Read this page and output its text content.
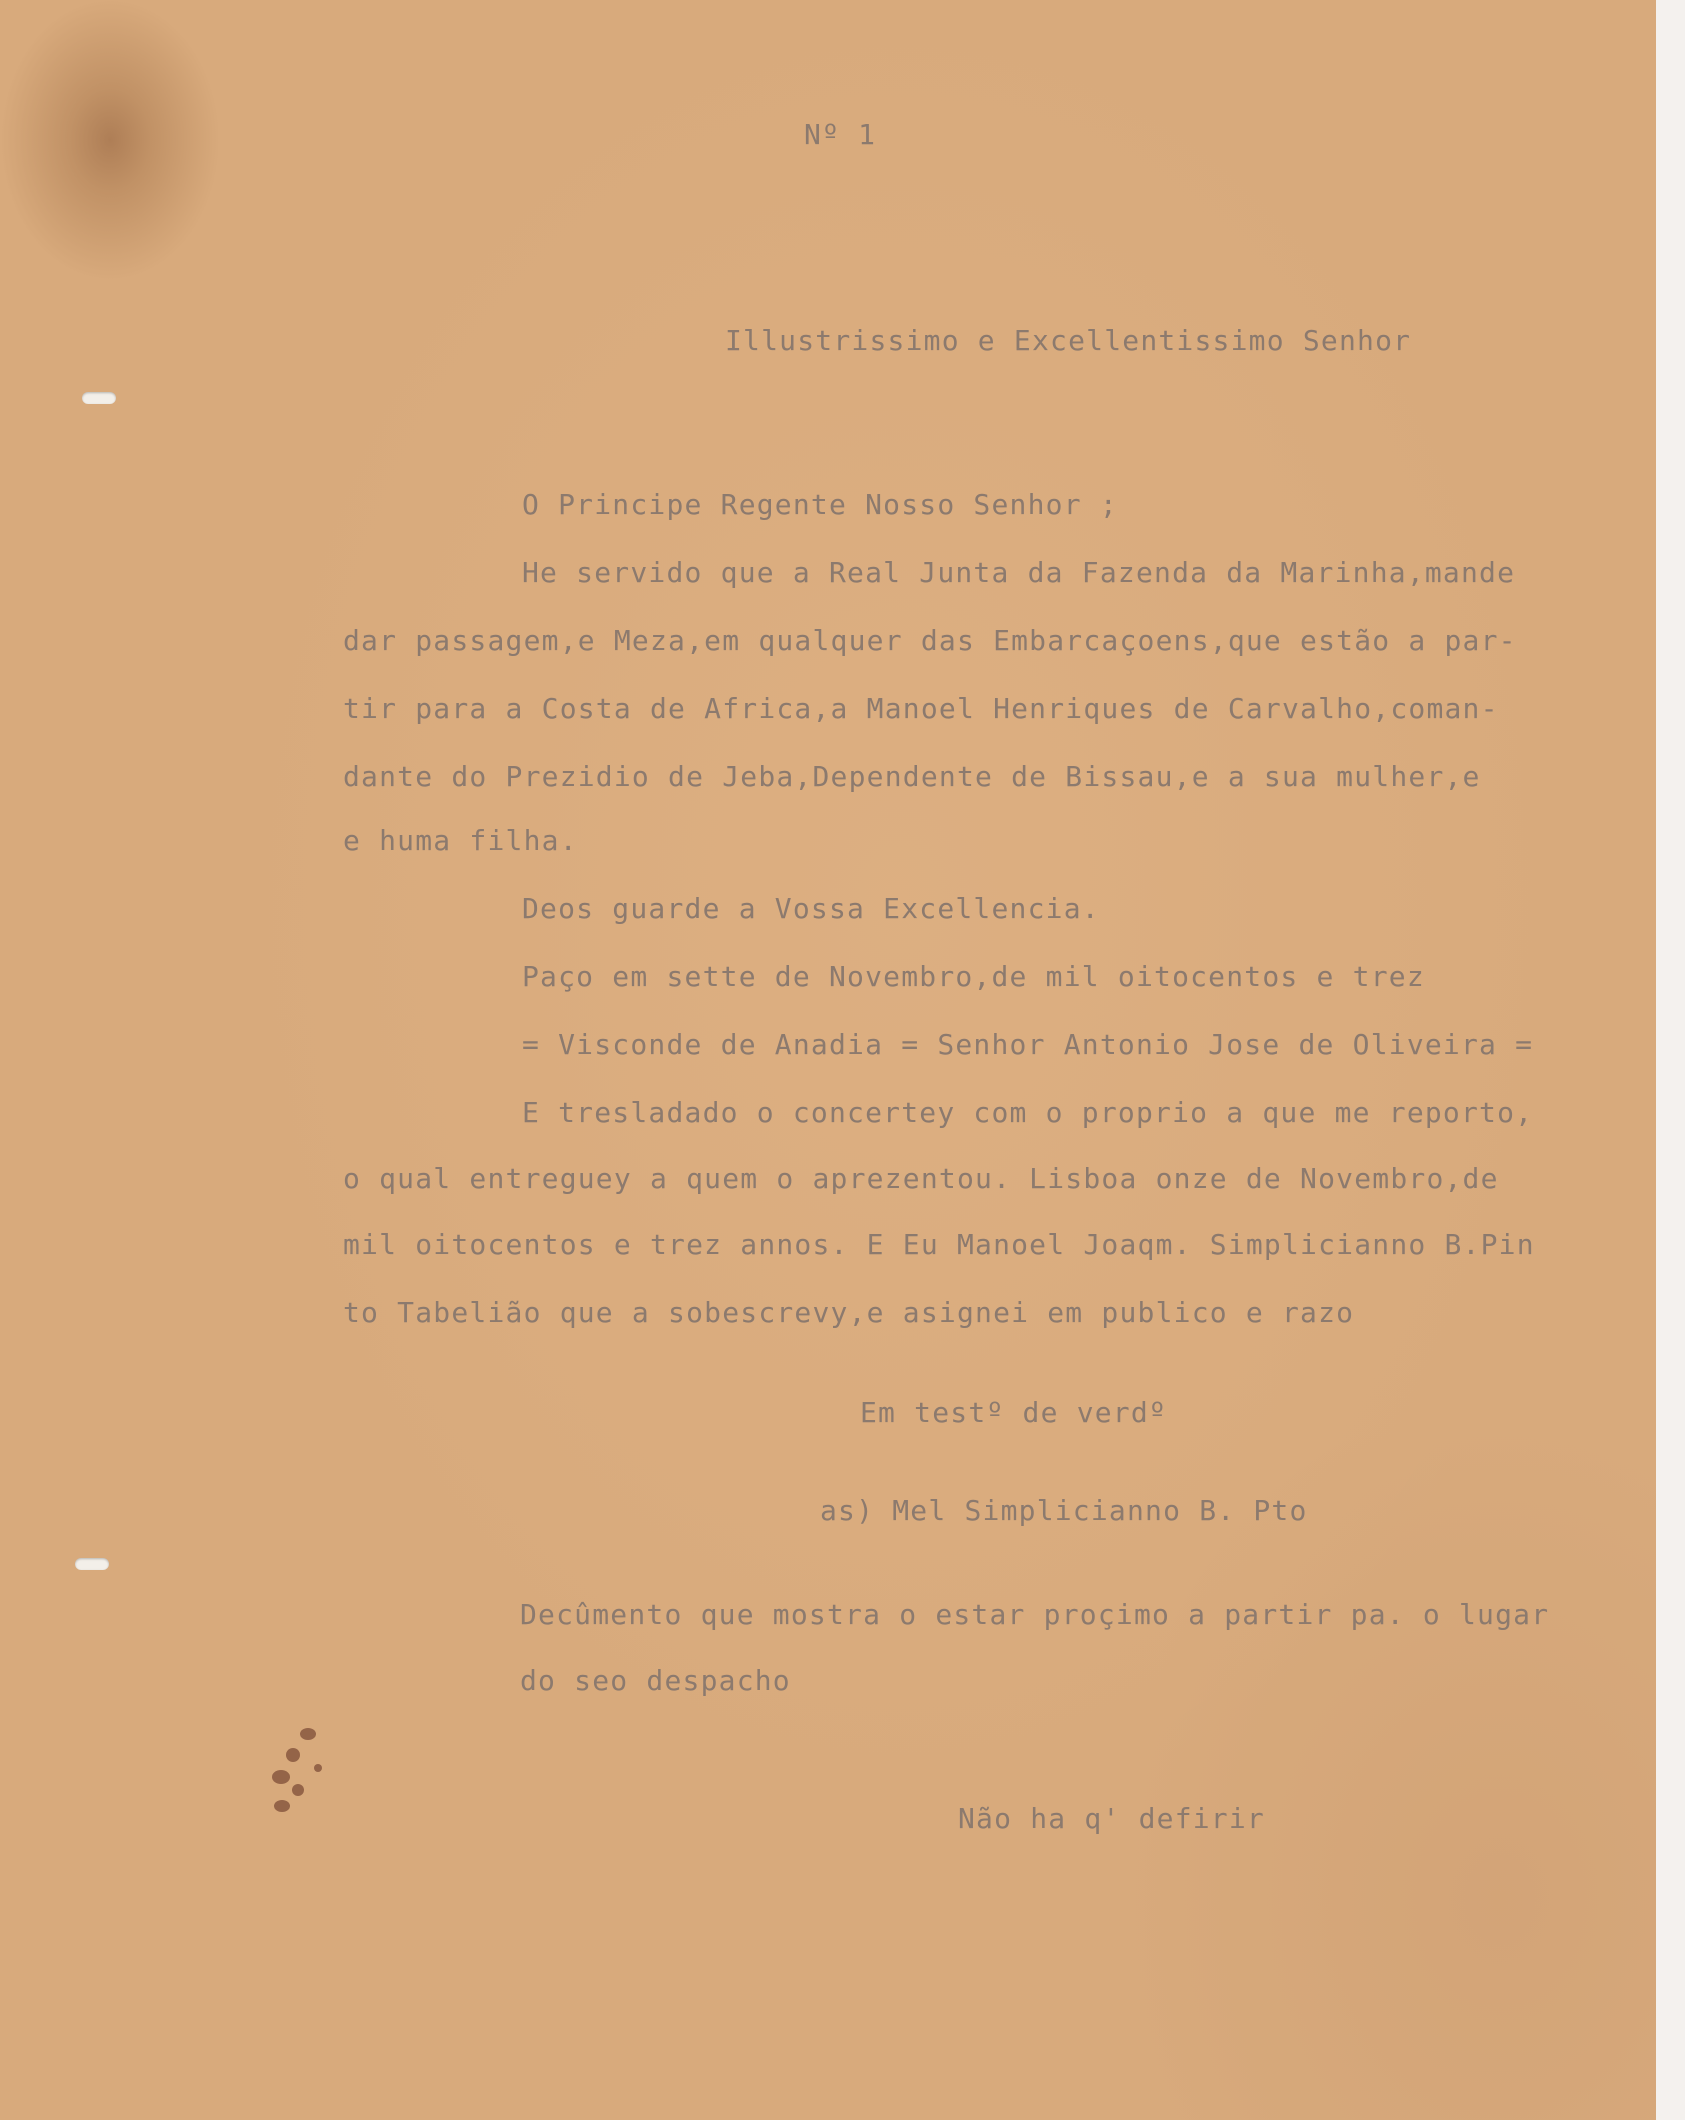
Nº 1
Illustrissimo e Excellentissimo Senhor
O Principe Regente Nosso Senhor ;
He servido que a Real Junta da Fazenda da Marinha,mande
dar passagem,e Meza,em qualquer das Embarcaçoens,que estão a par-
tir para a Costa de Africa,a Manoel Henriques de Carvalho,coman-
dante do Prezidio de Jeba,Dependente de Bissau,e a sua mulher,e
e huma filha.
Deos guarde a Vossa Excellencia.
Paço em sette de Novembro,de mil oitocentos e trez
= Visconde de Anadia = Senhor Antonio Jose de Oliveira =
E tresladado o concertey com o proprio a que me reporto,
o qual entreguey a quem o aprezentou. Lisboa onze de Novembro,de
mil oitocentos e trez annos. E Eu Manoel Joaqm. Simplicianno B.Pin
to Tabelião que a sobescrevy,e asignei em publico e razo
Em testº de verdº
as) Mel Simplicianno B. Pto
Decûmento que mostra o estar proçimo a partir pa. o lugar
do seo despacho
Não ha q' defirir
